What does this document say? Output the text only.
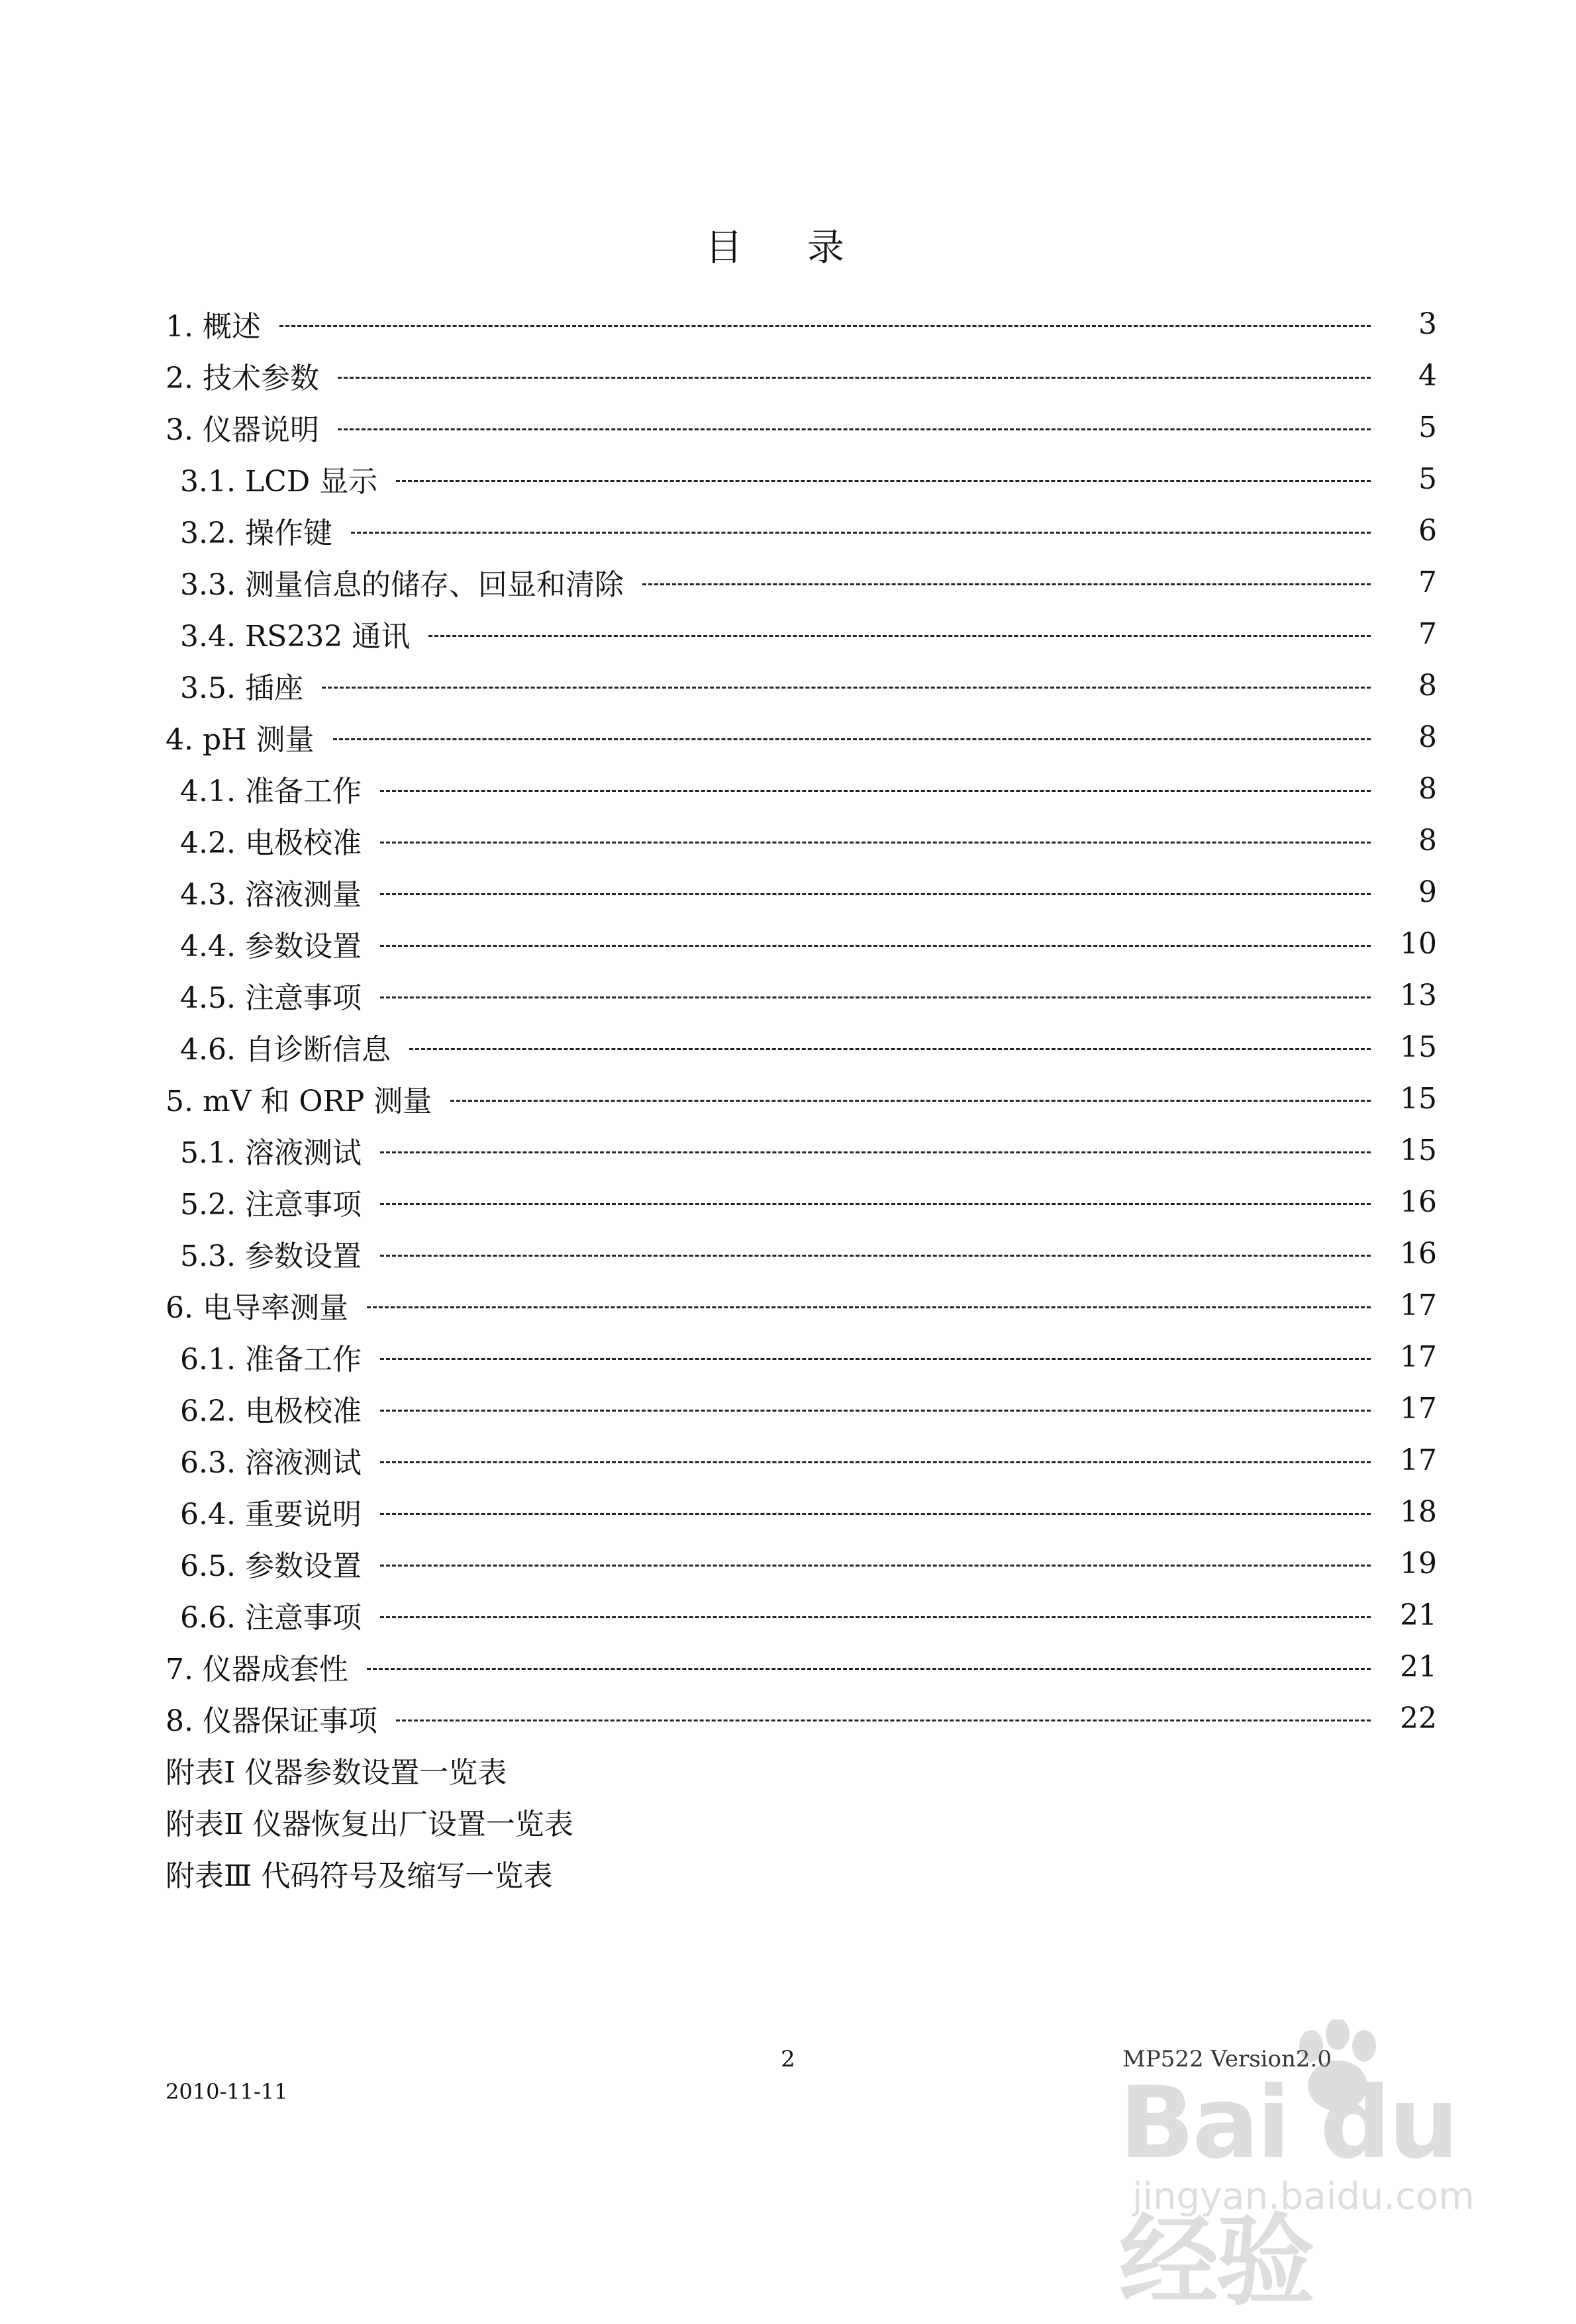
目 录
1. 概述	3
2. 技术参数	4
3. 仪器说明	5
3.1. LCD 显示	5
3.2. 操作键	6
3.3. 测量信息的储存、回显和清除	7
3.4. RS232 通讯	7
3.5. 插座	8
4. pH 测量	8
4.1. 准备工作	8
4.2. 电极校准	8
4.3. 溶液测量	9
4.4. 参数设置	10
4.5. 注意事项	13
4.6. 自诊断信息	15
5. mV 和 ORP 测量	15
5.1. 溶液测试	15
5.2. 注意事项	16
5.3. 参数设置	16
6. 电导率测量	17
6.1. 准备工作	17
6.2. 电极校准	17
6.3. 溶液测试	17
6.4. 重要说明	18
6.5. 参数设置	19
6.6. 注意事项	21
7. 仪器成套性	21
8. 仪器保证事项	22
附表Ⅰ 仪器参数设置一览表
附表Ⅱ 仪器恢复出厂设置一览表
附表Ⅲ 代码符号及缩写一览表
2	MP522 Version2.0
2010-11-11	Bai du 经验
jingyan.baidu.com
